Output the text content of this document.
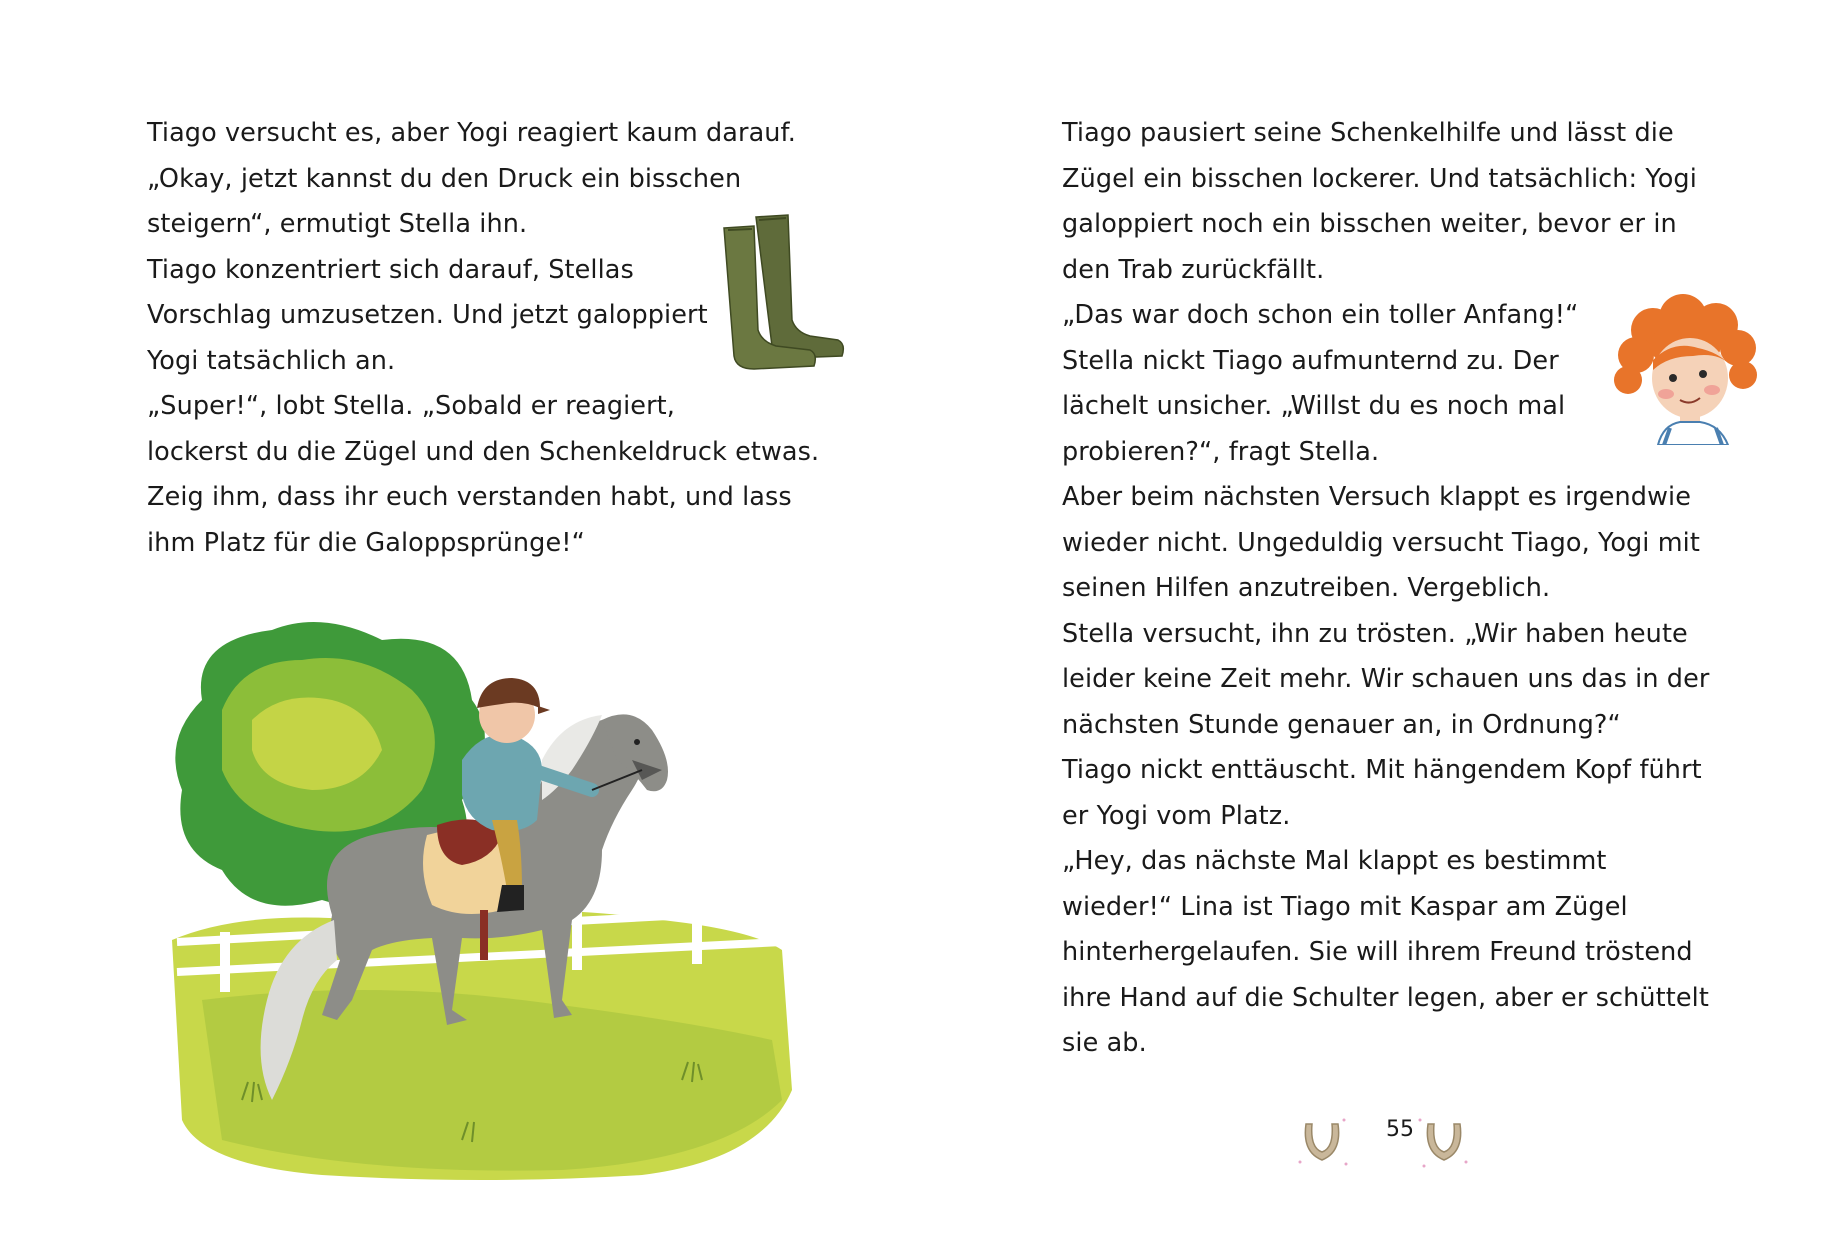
Tiago versucht es, aber Yogi reagiert kaum darauf.
„Okay, jetzt kannst du den Druck ein bisschen
steigern“, ermutigt Stella ihn.
Tiago konzentriert sich darauf, Stellas
Vorschlag umzusetzen. Und jetzt galoppiert
Yogi tatsächlich an.
„Super!“, lobt Stella. „Sobald er reagiert,
lockerst du die Zügel und den Schenkeldruck etwas.
Zeig ihm, dass ihr euch verstanden habt, und lass
ihm Platz für die Galoppsprünge!“
Tiago pausiert seine Schenkelhilfe und lässt die
Zügel ein bisschen lockerer. Und tatsächlich: Yogi
galoppiert noch ein bisschen weiter, bevor er in
den Trab zurückfällt.
„Das war doch schon ein toller Anfang!“
Stella nickt Tiago aufmunternd zu. Der
lächelt unsicher. „Willst du es noch mal
probieren?“, fragt Stella.
Aber beim nächsten Versuch klappt es irgendwie
wieder nicht. Ungeduldig versucht Tiago, Yogi mit
seinen Hilfen anzutreiben. Vergeblich.
Stella versucht, ihn zu trösten. „Wir haben heute
leider keine Zeit mehr. Wir schauen uns das in der
nächsten Stunde genauer an, in Ordnung?“
Tiago nickt enttäuscht. Mit hängendem Kopf führt
er Yogi vom Platz.
„Hey, das nächste Mal klappt es bestimmt
wieder!“ Lina ist Tiago mit Kaspar am Zügel
hinterhergelaufen. Sie will ihrem Freund tröstend
ihre Hand auf die Schulter legen, aber er schüttelt
sie ab.
55
